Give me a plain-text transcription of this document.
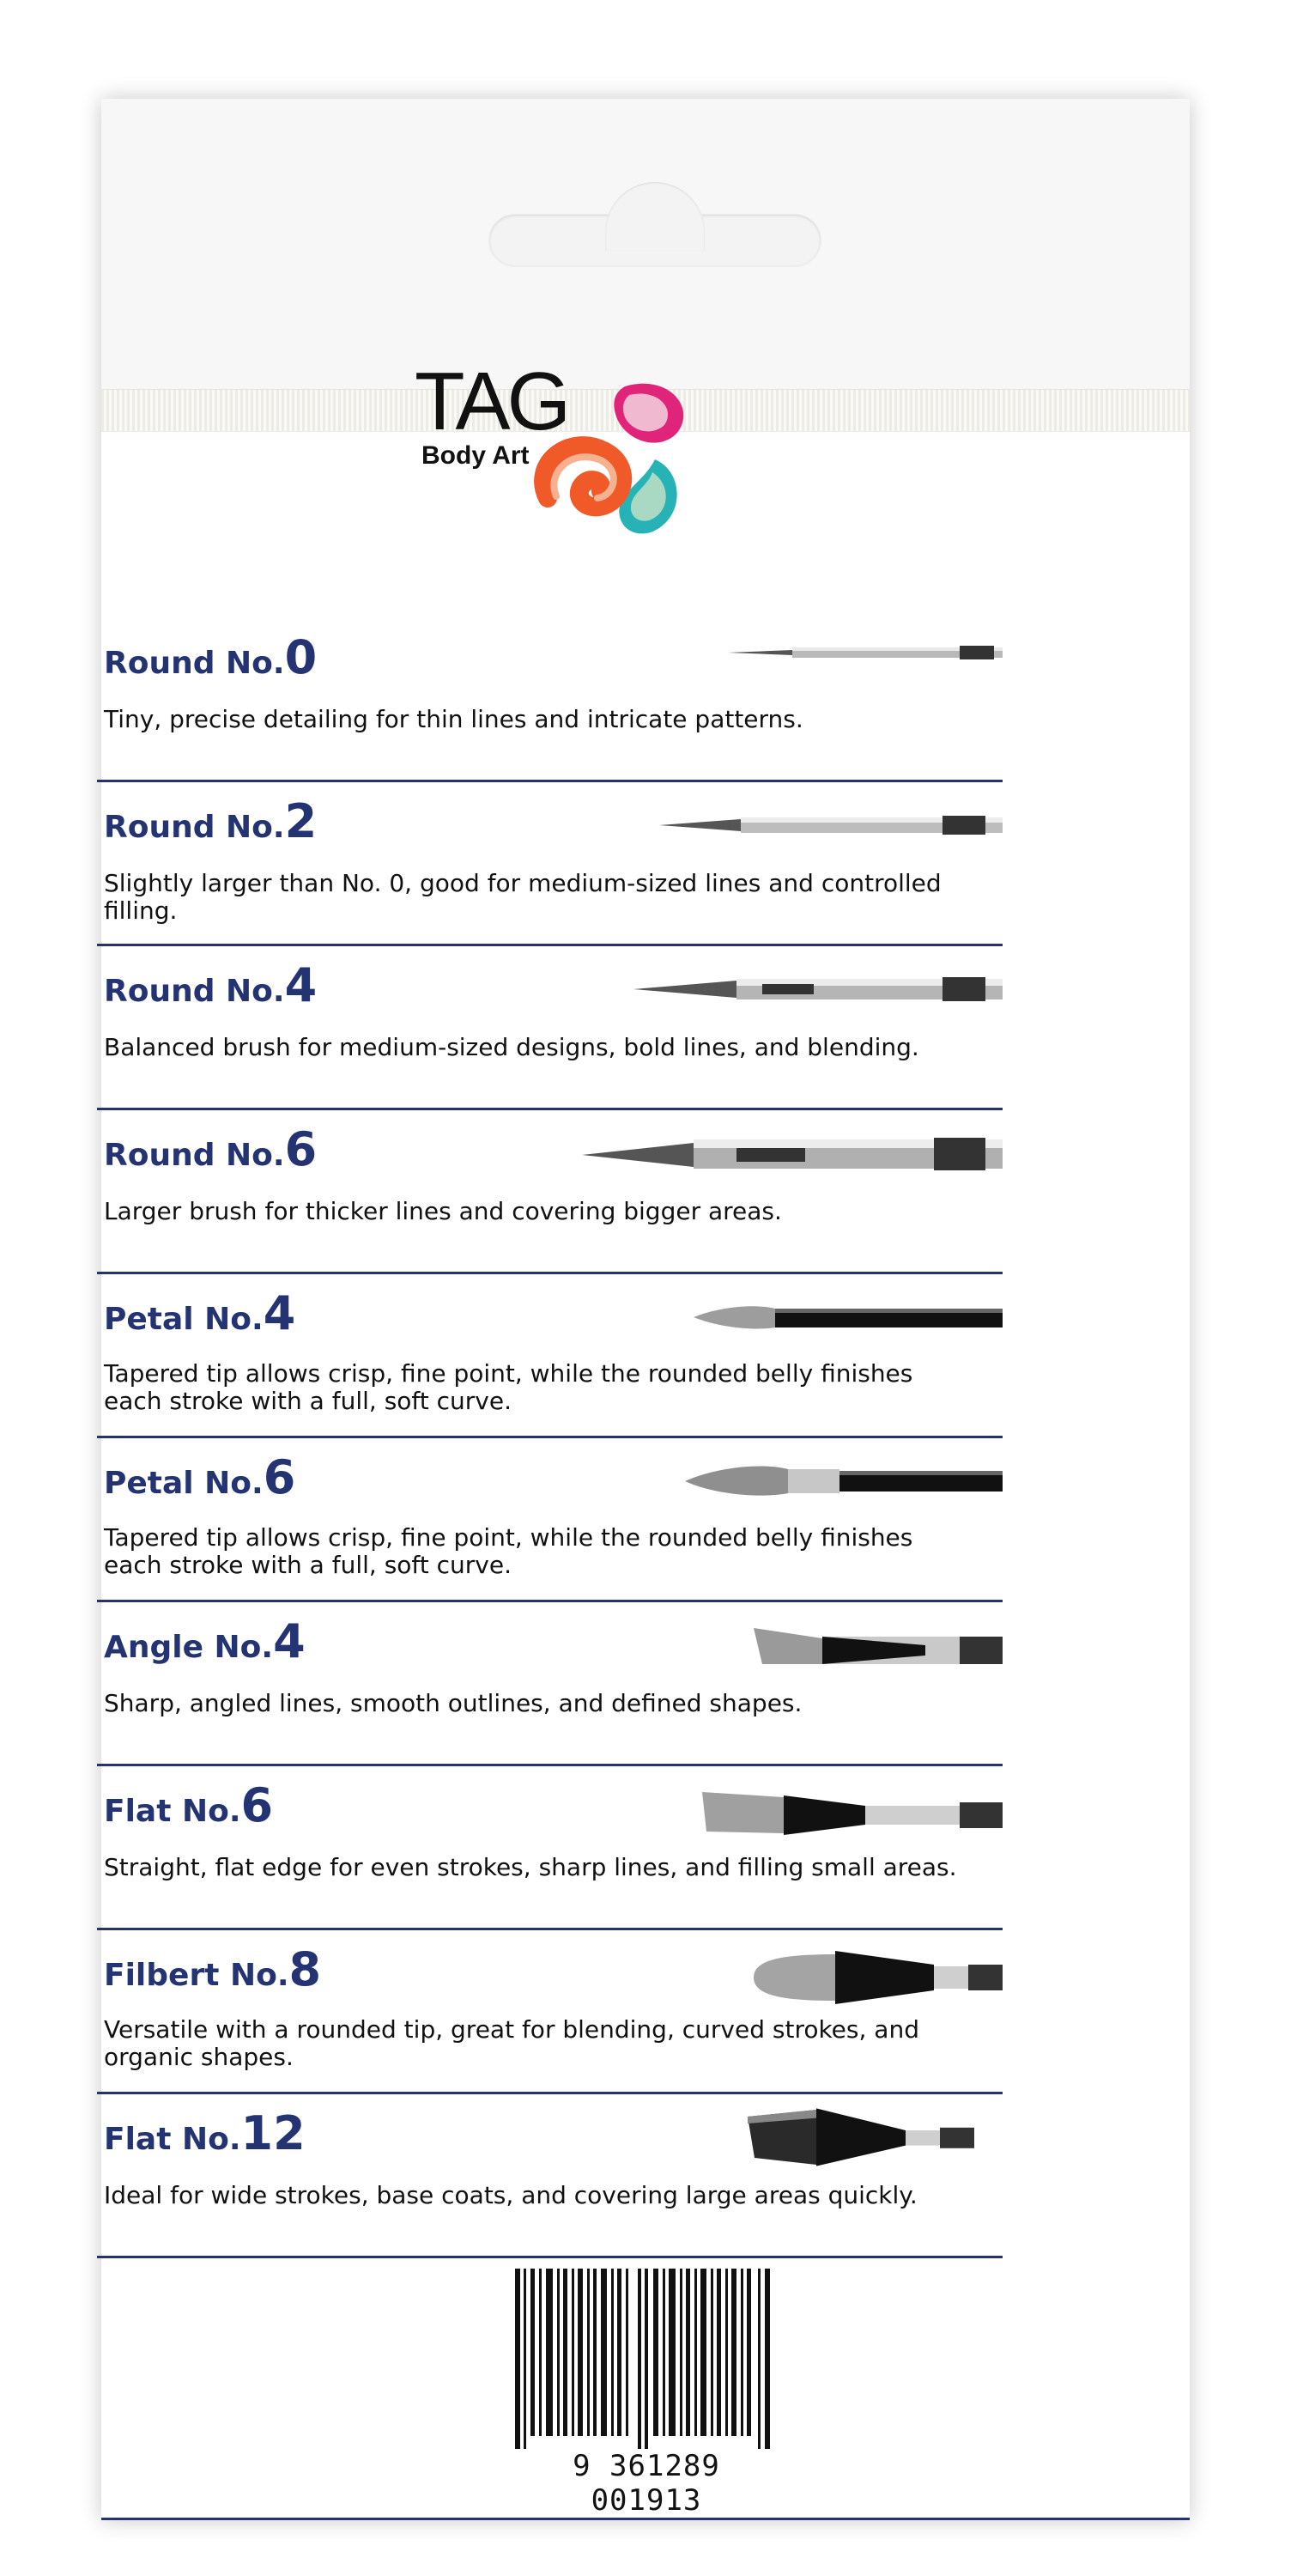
TAG
Body Art
Round No.0
Tiny, precise detailing for thin lines and intricate patterns.
Round No.2
Slightly larger than No. 0, good for medium-sized lines and controlled filling.
Round No.4
Balanced brush for medium-sized designs, bold lines, and blending.
Round No.6
Larger brush for thicker lines and covering bigger areas.
Petal No.4
Tapered tip allows crisp, fine point, while the rounded belly finishes each stroke with a full, soft curve.
Petal No.6
Tapered tip allows crisp, fine point, while the rounded belly finishes each stroke with a full, soft curve.
Angle No.4
Sharp, angled lines, smooth outlines, and defined shapes.
Flat No.6
Straight, flat edge for even strokes, sharp lines, and filling small areas.
Filbert No.8
Versatile with a rounded tip, great for blending, curved strokes, and organic shapes.
Flat No.12
Ideal for wide strokes, base coats, and covering large areas quickly.
9 361289 001913
